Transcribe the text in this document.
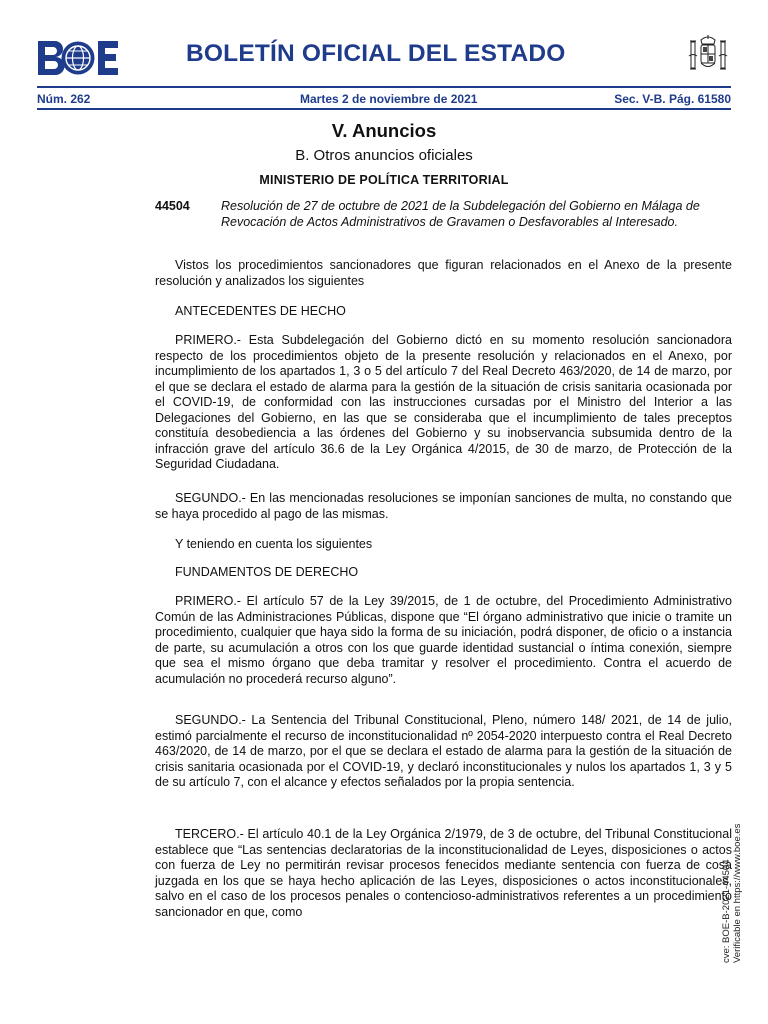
BOLETÍN OFICIAL DEL ESTADO
Núm. 262	Martes 2 de noviembre de 2021	Sec. V-B. Pág. 61580
V. Anuncios
B. Otros anuncios oficiales
MINISTERIO DE POLÍTICA TERRITORIAL
44504 Resolución de 27 de octubre de 2021 de la Subdelegación del Gobierno en Málaga de Revocación de Actos Administrativos de Gravamen o Desfavorables al Interesado.
Vistos los procedimientos sancionadores que figuran relacionados en el Anexo de la presente resolución y analizados los siguientes
ANTECEDENTES DE HECHO
PRIMERO.- Esta Subdelegación del Gobierno dictó en su momento resolución sancionadora respecto de los procedimientos objeto de la presente resolución y relacionados en el Anexo, por incumplimiento de los apartados 1, 3 o 5 del artículo 7 del Real Decreto 463/2020, de 14 de marzo, por el que se declara el estado de alarma para la gestión de la situación de crisis sanitaria ocasionada por el COVID-19, de conformidad con las instrucciones cursadas por el Ministro del Interior a las Delegaciones del Gobierno, en las que se consideraba que el incumplimiento de tales preceptos constituía desobediencia a las órdenes del Gobierno y su inobservancia subsumida dentro de la infracción grave del artículo 36.6 de la Ley Orgánica 4/2015, de 30 de marzo, de Protección de la Seguridad Ciudadana.
SEGUNDO.- En las mencionadas resoluciones se imponían sanciones de multa, no constando que se haya procedido al pago de las mismas.
Y teniendo en cuenta los siguientes
FUNDAMENTOS DE DERECHO
PRIMERO.- El artículo 57 de la Ley 39/2015, de 1 de octubre, del Procedimiento Administrativo Común de las Administraciones Públicas, dispone que “El órgano administrativo que inicie o tramite un procedimiento, cualquier que haya sido la forma de su iniciación, podrá disponer, de oficio o a instancia de parte, su acumulación a otros con los que guarde identidad sustancial o íntima conexión, siempre que sea el mismo órgano que deba tramitar y resolver el procedimiento. Contra el acuerdo de acumulación no procederá recurso alguno”.
SEGUNDO.- La Sentencia del Tribunal Constitucional, Pleno, número 148/ 2021, de 14 de julio, estimó parcialmente el recurso de inconstitucionalidad nº 2054-2020 interpuesto contra el Real Decreto 463/2020, de 14 de marzo, por el que se declara el estado de alarma para la gestión de la situación de crisis sanitaria ocasionada por el COVID-19, y declaró inconstitucionales y nulos los apartados 1, 3 y 5 de su artículo 7, con el alcance y efectos señalados por la propia sentencia.
TERCERO.- El artículo 40.1 de la Ley Orgánica 2/1979, de 3 de octubre, del Tribunal Constitucional establece que “Las sentencias declaratorias de la inconstitucionalidad de Leyes, disposiciones o actos con fuerza de Ley no permitirán revisar procesos fenecidos mediante sentencia con fuerza de cosa juzgada en los que se haya hecho aplicación de las Leyes, disposiciones o actos inconstitucionales, salvo en el caso de los procesos penales o contencioso-administrativos referentes a un procedimiento sancionador en que, como	cve: BOE-B-2021-44504 Verificable en https://www.boe.es
